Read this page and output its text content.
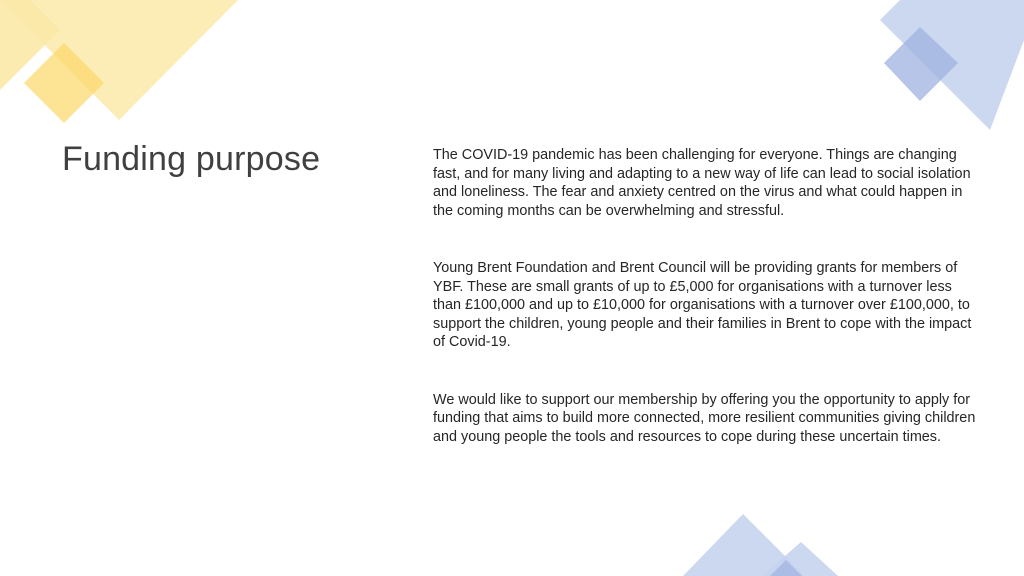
Funding purpose	The COVID-19 pandemic has been challenging for everyone. Things are changing fast, and for many living and adapting to a new way of life can lead to social isolation and loneliness. The fear and anxiety centred on the virus and what could happen in the coming months can be overwhelming and stressful.

Young Brent Foundation and Brent Council will be providing grants for members of YBF. These are small grants of up to £5,000 for organisations with a turnover less than £100,000 and up to £10,000 for organisations with a turnover over £100,000, to support the children, young people and their families in Brent to cope with the impact of Covid-19.

We would like to support our membership by offering you the opportunity to apply for funding that aims to build more connected, more resilient communities giving children and young people the tools and resources to cope during these uncertain times.
